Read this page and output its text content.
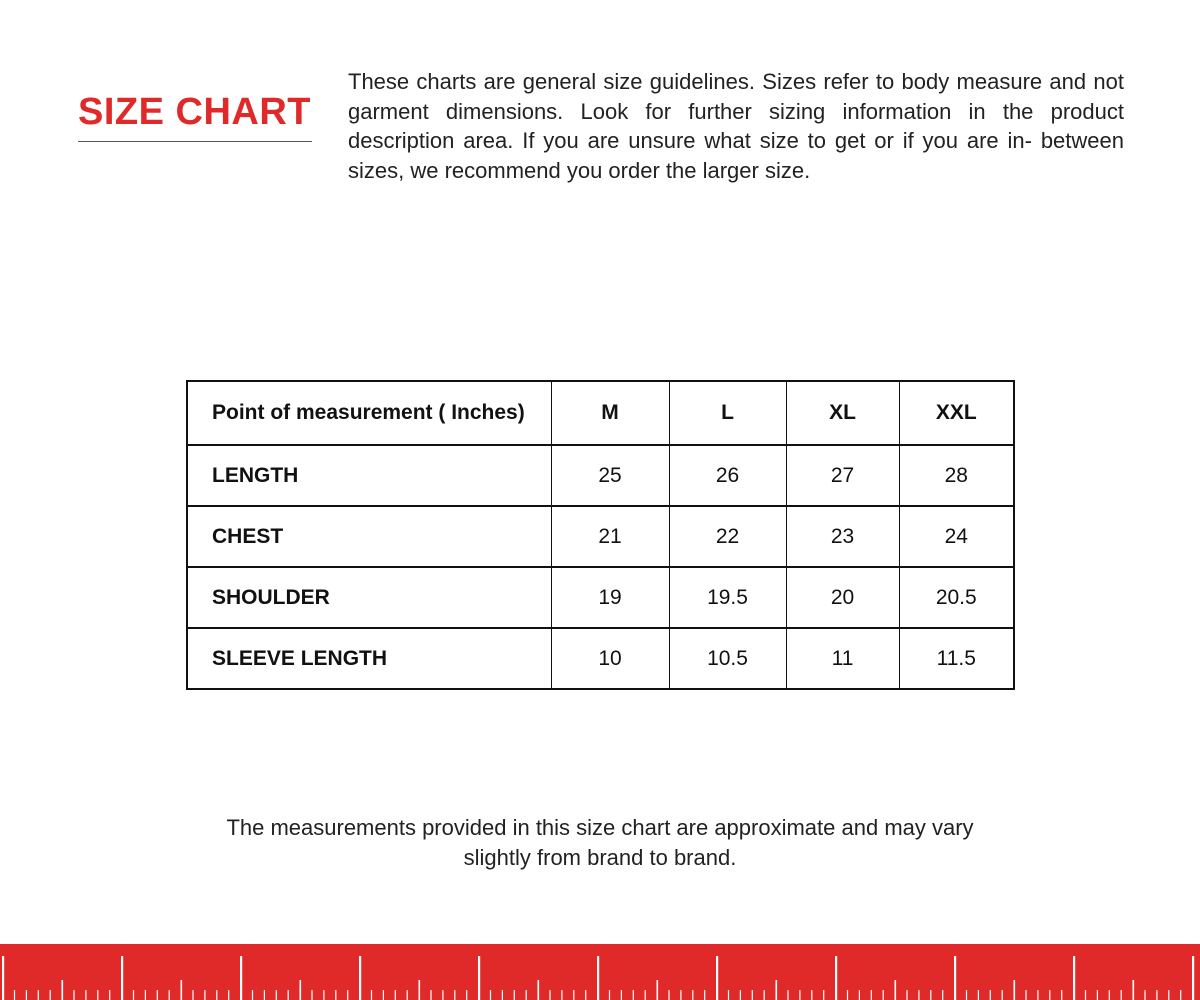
SIZE CHART

These charts are general size guidelines. Sizes refer to body measure and not garment dimensions. Look for further sizing information in the product description area. If you are unsure what size to get or if you are in- between sizes, we recommend you order the larger size.

Point of measurement ( Inches)	M	L	XL	XXL
LENGTH	25	26	27	28
CHEST	21	22	23	24
SHOULDER	19	19.5	20	20.5
SLEEVE LENGTH	10	10.5	11	11.5

The measurements provided in this size chart are approximate and may vary slightly from brand to brand.
